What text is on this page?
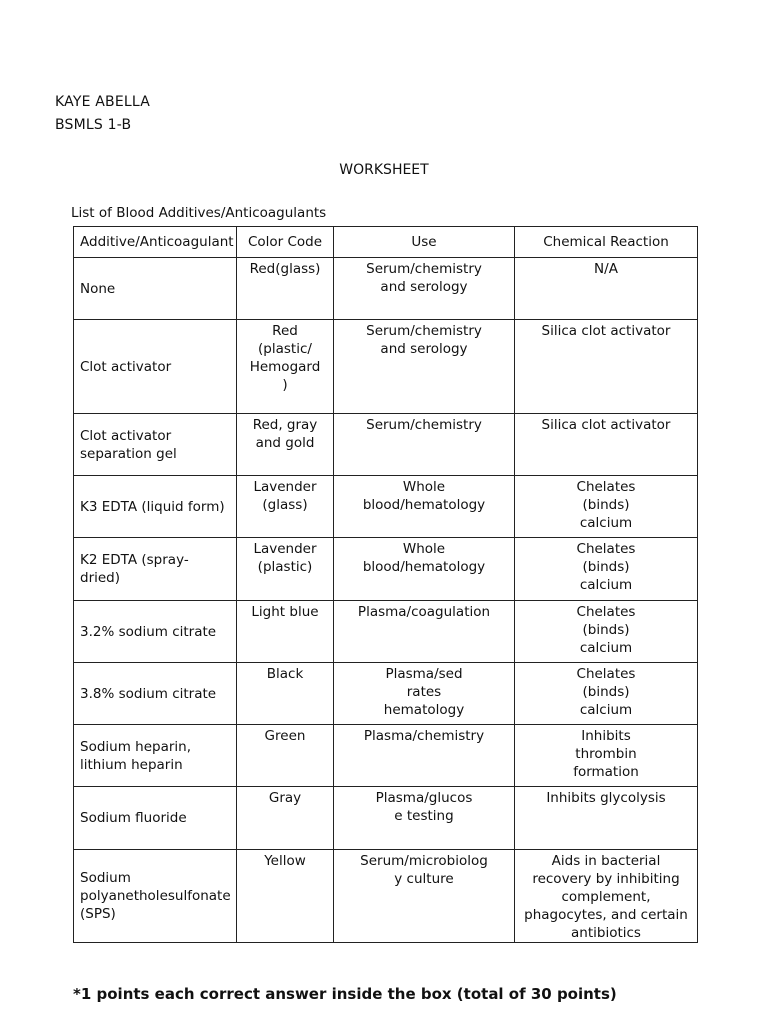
KAYE ABELLA
BSMLS 1-B
WORKSHEET
List of Blood Additives/Anticoagulants
Additive/Anticoagulant	Color Code	Use	Chemical Reaction
None	Red(glass)	Serum/chemistry
and serology	N/A
Clot activator	Red
(plastic/
Hemogard
)	Serum/chemistry
and serology	Silica clot activator
Clot activator
separation gel	Red, gray
and gold	Serum/chemistry	Silica clot activator
K3 EDTA (liquid form)	Lavender
(glass)	Whole
blood/hematology	Chelates
(binds)
calcium
K2 EDTA (spray-
dried)	Lavender
(plastic)	Whole
blood/hematology	Chelates
(binds)
calcium
3.2% sodium citrate	Light blue	Plasma/coagulation	Chelates
(binds)
calcium
3.8% sodium citrate	Black	Plasma/sed
rates
hematology	Chelates
(binds)
calcium
Sodium heparin,
lithium heparin	Green	Plasma/chemistry	Inhibits
thrombin
formation
Sodium fluoride	Gray	Plasma/glucos
e testing	Inhibits glycolysis
Sodium
polyanetholesulfonate
(SPS)	Yellow	Serum/microbiolog
y culture	Aids in bacterial
recovery by inhibiting
complement,
phagocytes, and certain
antibiotics
*1 points each correct answer inside the box (total of 30 points)
